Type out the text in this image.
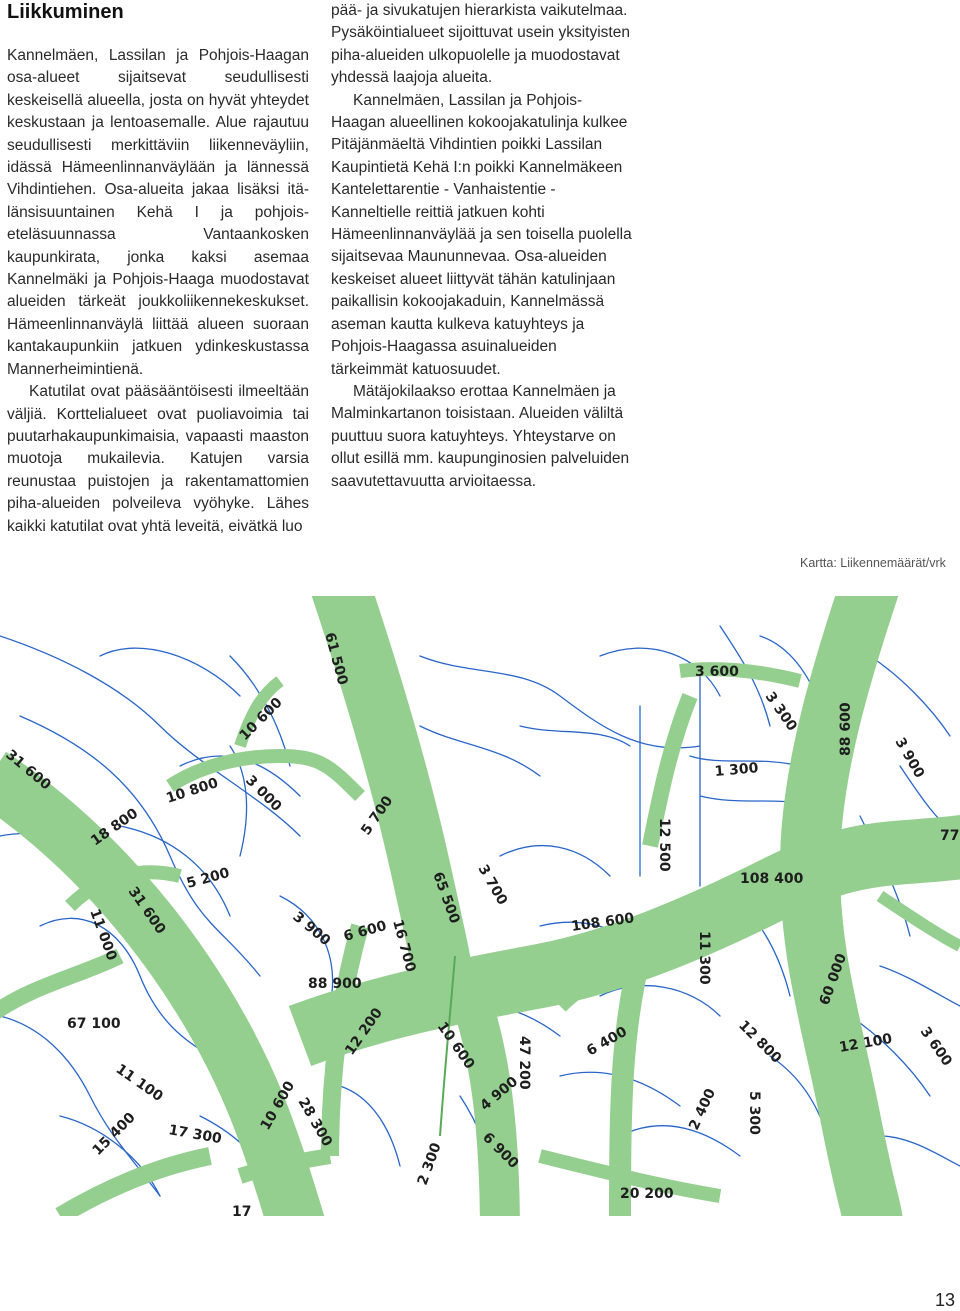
Liikkuminen

Kannelmäen, Lassilan ja Pohjois-Haagan osa-alueet sijaitsevat seudullisesti keskeisellä alueella, josta on hyvät yhteydet keskustaan ja lentoasemalle. Alue rajautuu seudullisesti merkittäviin liikenneväyliin, idässä Hämeenlinnanväylään ja lännessä Vihdintiehen. Osa-alueita jakaa lisäksi itä-länsisuuntainen Kehä I ja pohjois-eteläsuunnassa Vantaankosken kaupunkirata, jonka kaksi asemaa Kannelmäki ja Pohjois-Haaga muodostavat alueiden tärkeät joukkoliikennekeskukset. Hämeenlinnanväylä liittää alueen suoraan kantakaupunkiin jatkuen ydinkeskustassa Mannerheimintienä.

Katutilat ovat pääsääntöisesti ilmeeltään väljiä. Korttelialueet ovat puoliavoimia tai puutarhakaupunkimaisia, vapaasti maaston muotoja mukailevia. Katujen varsia reunustaa puistojen ja rakentamattomien piha-alueiden polveileva vyöhyke. Lähes kaikki katutilat ovat yhtä leveitä, eivätkä luo

pää- ja sivukatujen hierarkista vaikutelmaa. Pysäköintialueet sijoittuvat usein yksityisten piha-alueiden ulkopuolelle ja muodostavat yhdessä laajoja alueita.

Kannelmäen, Lassilan ja Pohjois-Haagan alueellinen kokoojakatulinja kulkee Pitäjänmäeltä Vihdintien poikki Lassilan Kaupintietä Kehä I:n poikki Kannelmäkeen Kantelettarentie - Vanhaistentie - Kanneltielle reittiä jatkuen kohti Hämeenlinnanväylää ja sen toisella puolella sijaitsevaa Maununnevaa. Osa-alueiden keskeiset alueet liittyvät tähän katulinjaan paikallisin kokoojakaduin, Kannelmässä aseman kautta kulkeva katuyhteys ja Pohjois-Haagassa asuinalueiden tärkeimmät katuosuudet.

Mätäjokilaakso erottaa Kannelmäen ja Malminkartanon toisistaan. Alueiden väliltä puuttuu suora katuyhteys. Yhteystarve on ollut esillä mm. kaupunginosien palveluiden saavutettavuutta arvioitaessa.

Kartta: Liikennemäärät/vrk
61 500	3 600
3 300
10 600
31 600
88 600
3 900
10 800 3 000
1 300
5 700
18 800	12 500	77
5 200	65 500 3 700	108 400
31 600
11 000	3 900 6 600 16 700	108 600
11 300	60 000
88 900
67 100	12 200	10 600	47 200	6 400	12 800	12 100 3 600
11 100	10 600
28 300
4 900	2 400 5 300
15 400 17 300	6 900
2 300
20 200
17
13
